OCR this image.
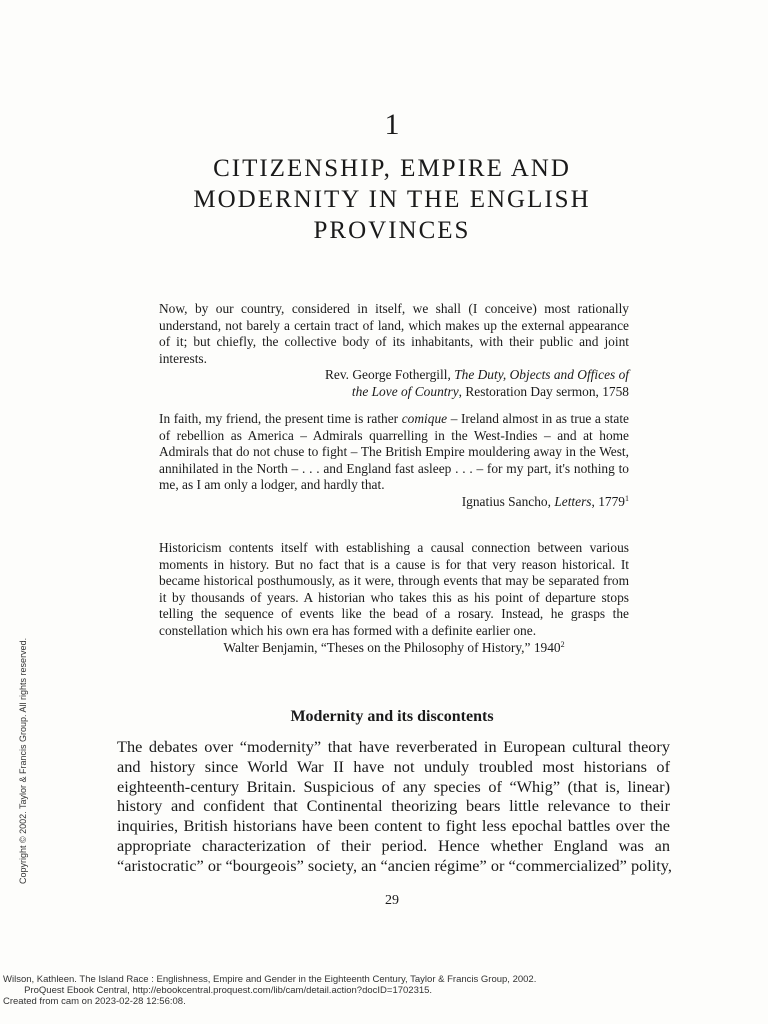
1
CITIZENSHIP, EMPIRE AND
MODERNITY IN THE ENGLISH
PROVINCES

Now, by our country, considered in itself, we shall (I conceive) most rationally understand, not barely a certain tract of land, which makes up the external appearance of it; but chiefly, the collective body of its inhabitants, with their public and joint interests.

Rev. George Fothergill, The Duty, Objects and Offices of
the Love of Country, Restoration Day sermon, 1758

In faith, my friend, the present time is rather comique – Ireland almost in as true a state of rebellion as America – Admirals quarrelling in the West-Indies – and at home Admirals that do not chuse to fight – The British Empire mouldering away in the West, annihilated in the North – . . . and England fast asleep . . . – for my part, it's nothing to me, as I am only a lodger, and hardly that.

Ignatius Sancho, Letters, 1779$^1$

Historicism contents itself with establishing a causal connection between various moments in history. But no fact that is a cause is for that very reason historical. It became historical posthumously, as it were, through events that may be separated from it by thousands of years. A historian who takes this as his point of departure stops telling the sequence of events like the bead of a rosary. Instead, he grasps the constellation which his own era has formed with a definite earlier one.

Walter Benjamin, “Theses on the Philosophy of History,” 1940$^2$
Modernity and its discontents
The debates over “modernity” that have reverberated in European cultural theory
and history since World War II have not unduly troubled most historians of
eighteenth-century Britain. Suspicious of any species of “Whig” (that is, linear)
history and confident that Continental theorizing bears little relevance to their
inquiries, British historians have been content to fight less epochal battles over the
appropriate characterization of their period. Hence whether England was an
“aristocratic” or “bourgeois” society, an “ancien régime” or “commercialized” polity,
29
Copyright © 2002. Taylor & Francis Group. All rights reserved.
Wilson, Kathleen. The Island Race : Englishness, Empire and Gender in the Eighteenth Century, Taylor & Francis Group, 2002.
ProQuest Ebook Central, http://ebookcentral.proquest.com/lib/cam/detail.action?docID=1702315.
Created from cam on 2023-02-28 12:56:08.
